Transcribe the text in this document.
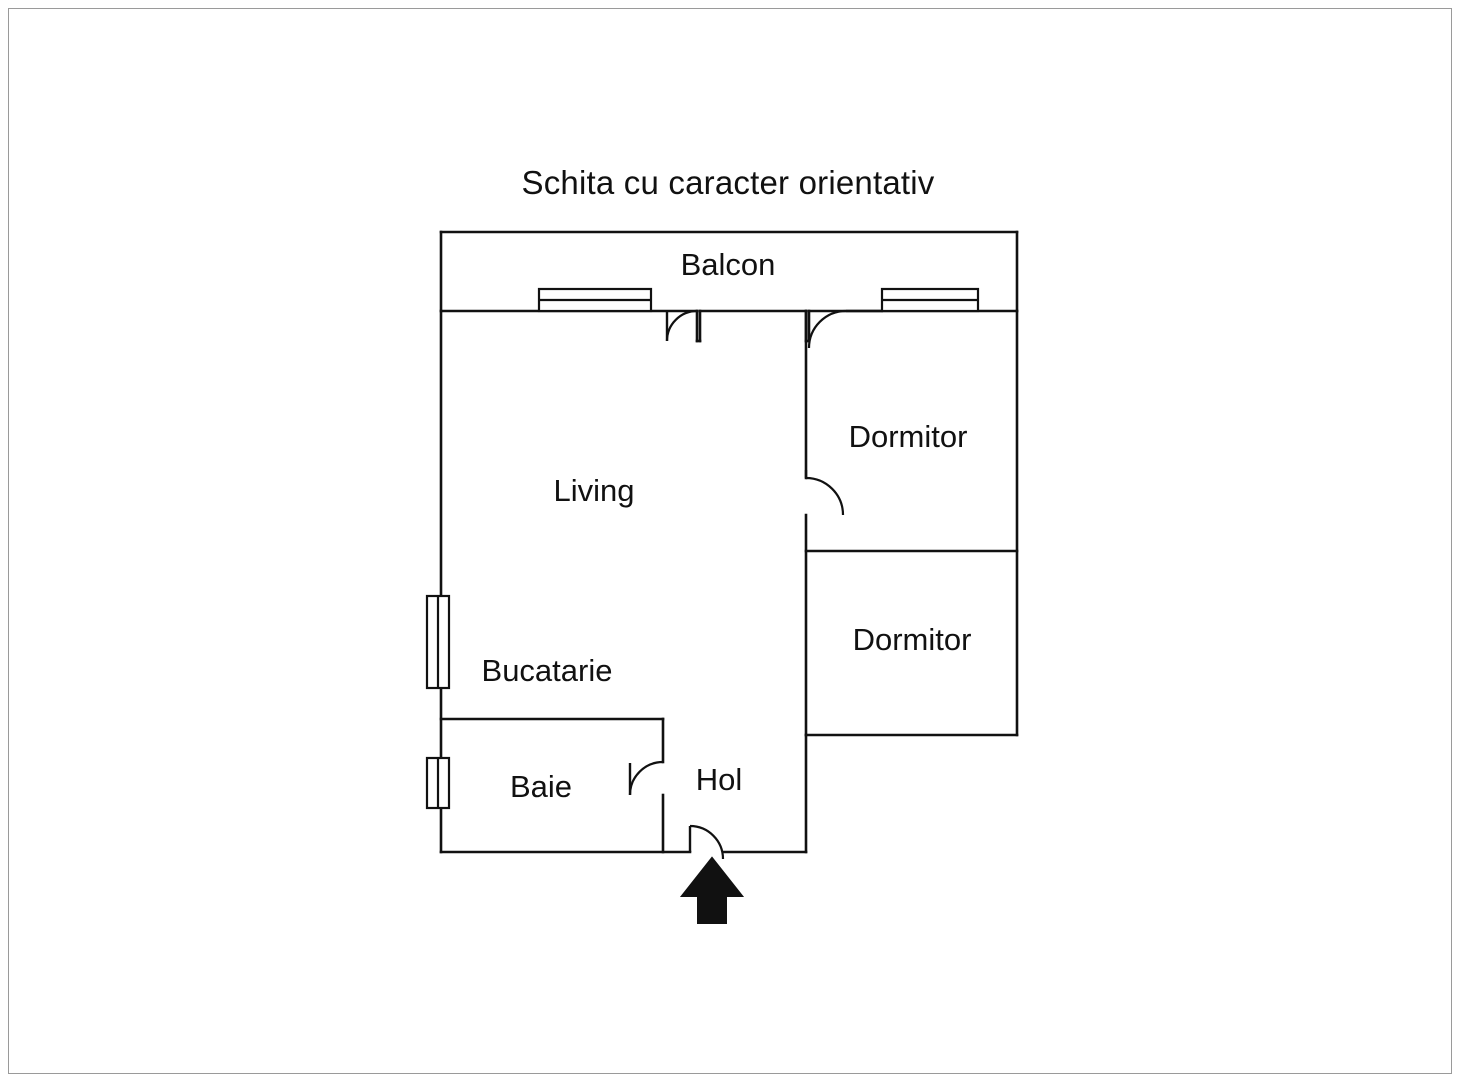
Schita cu caracter orientativ
Balcon
Living
Dormitor
Dormitor
Bucatarie
Baie	Hol
